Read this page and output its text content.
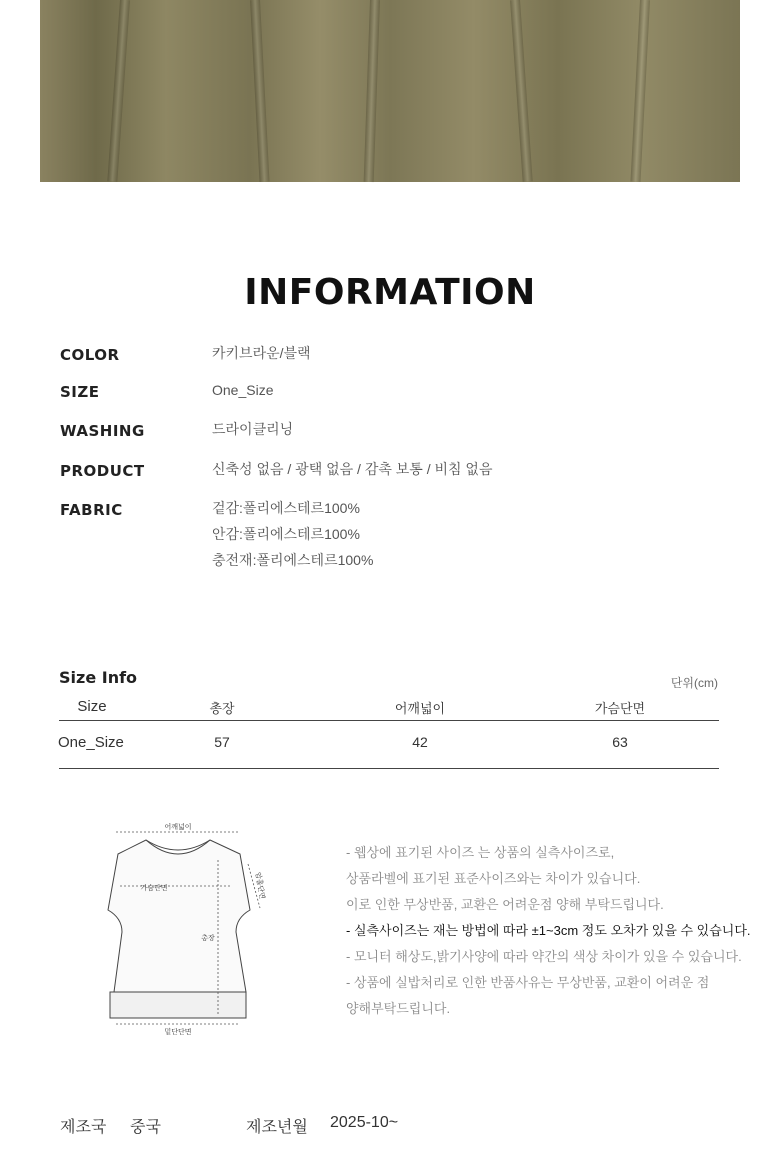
INFORMATION
COLOR	카키브라운/블랙
SIZE	One_Size
WASHING	드라이클리닝
PRODUCT	신축성 없음 / 광택 없음 / 감촉 보통 / 비침 없음
FABRIC	겉감:폴리에스테르100%
안감:폴리에스테르100%
충전재:폴리에스테르100%
Size Info	단위(cm)
Size	총장	어깨넓이	가슴단면
One_Size	57	42	63
어깨넓이
가슴단면
총장
암홀단면
밑단단면
- 웹상에 표기된 사이즈 는 상품의 실측사이즈로,
상품라벨에 표기된 표준사이즈와는 차이가 있습니다.
이로 인한 무상반품, 교환은 어려운점 양해 부탁드립니다.
- 실측사이즈는 재는 방법에 따라 ±1~3cm 정도 오차가 있을 수 있습니다.
- 모니터 해상도,밝기사양에 따라 약간의 색상 차이가 있을 수 있습니다.
- 상품에 실밥처리로 인한 반품사유는 무상반품, 교환이 어려운 점
양해부탁드립니다.
제조국 중국	제조년월 2025-10~
